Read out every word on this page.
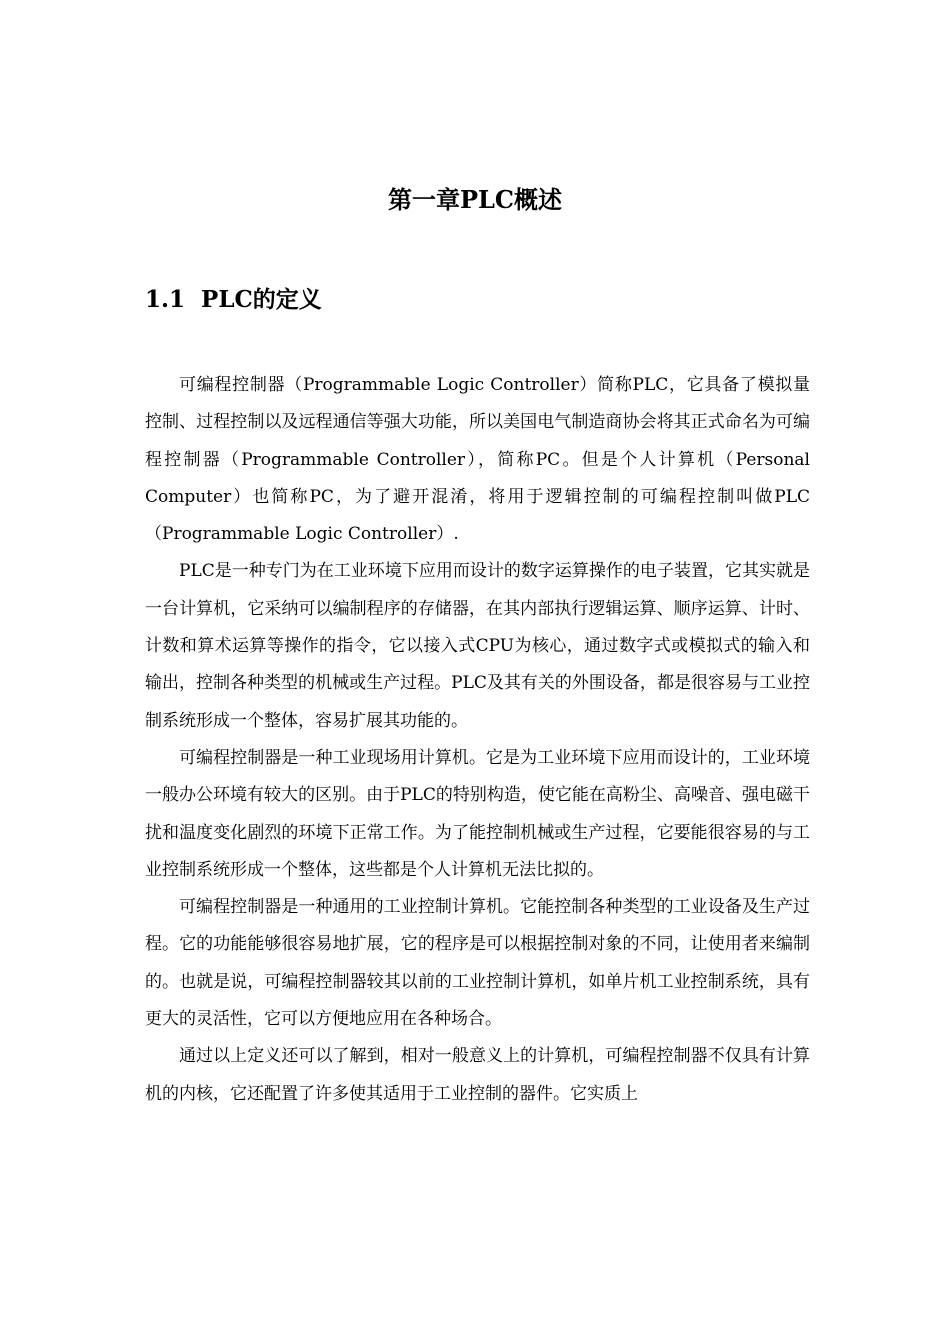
第一章PLC概述
1.1  PLC的定义

可编程控制器（Programmable Logic Controller）简称PLC，它具备了模拟量控制、过程控制以及远程通信等强大功能，所以美国电气制造商协会将其正式命名为可编程控制器（Programmable Controller），简称PC。但是个人计算机（Personal Computer）也简称PC，为了避开混淆，将用于逻辑控制的可编程控制叫做PLC（Programmable Logic Controller）.

PLC是一种专门为在工业环境下应用而设计的数字运算操作的电子装置，它其实就是一台计算机，它采纳可以编制程序的存储器，在其内部执行逻辑运算、顺序运算、计时、计数和算术运算等操作的指令，它以接入式CPU为核心，通过数字式或模拟式的输入和输出，控制各种类型的机械或生产过程。PLC及其有关的外围设备，都是很容易与工业控制系统形成一个整体，容易扩展其功能的。

可编程控制器是一种工业现场用计算机。它是为工业环境下应用而设计的，工业环境一般办公环境有较大的区别。由于PLC的特别构造，使它能在高粉尘、高噪音、强电磁干扰和温度变化剧烈的环境下正常工作。为了能控制机械或生产过程，它要能很容易的与工业控制系统形成一个整体，这些都是个人计算机无法比拟的。

可编程控制器是一种通用的工业控制计算机。它能控制各种类型的工业设备及生产过程。它的功能能够很容易地扩展，它的程序是可以根据控制对象的不同，让使用者来编制的。也就是说，可编程控制器较其以前的工业控制计算机，如单片机工业控制系统，具有更大的灵活性，它可以方便地应用在各种场合。

通过以上定义还可以了解到，相对一般意义上的计算机，可编程控制器不仅具有计算机的内核，它还配置了许多使其适用于工业控制的器件。它实质上
